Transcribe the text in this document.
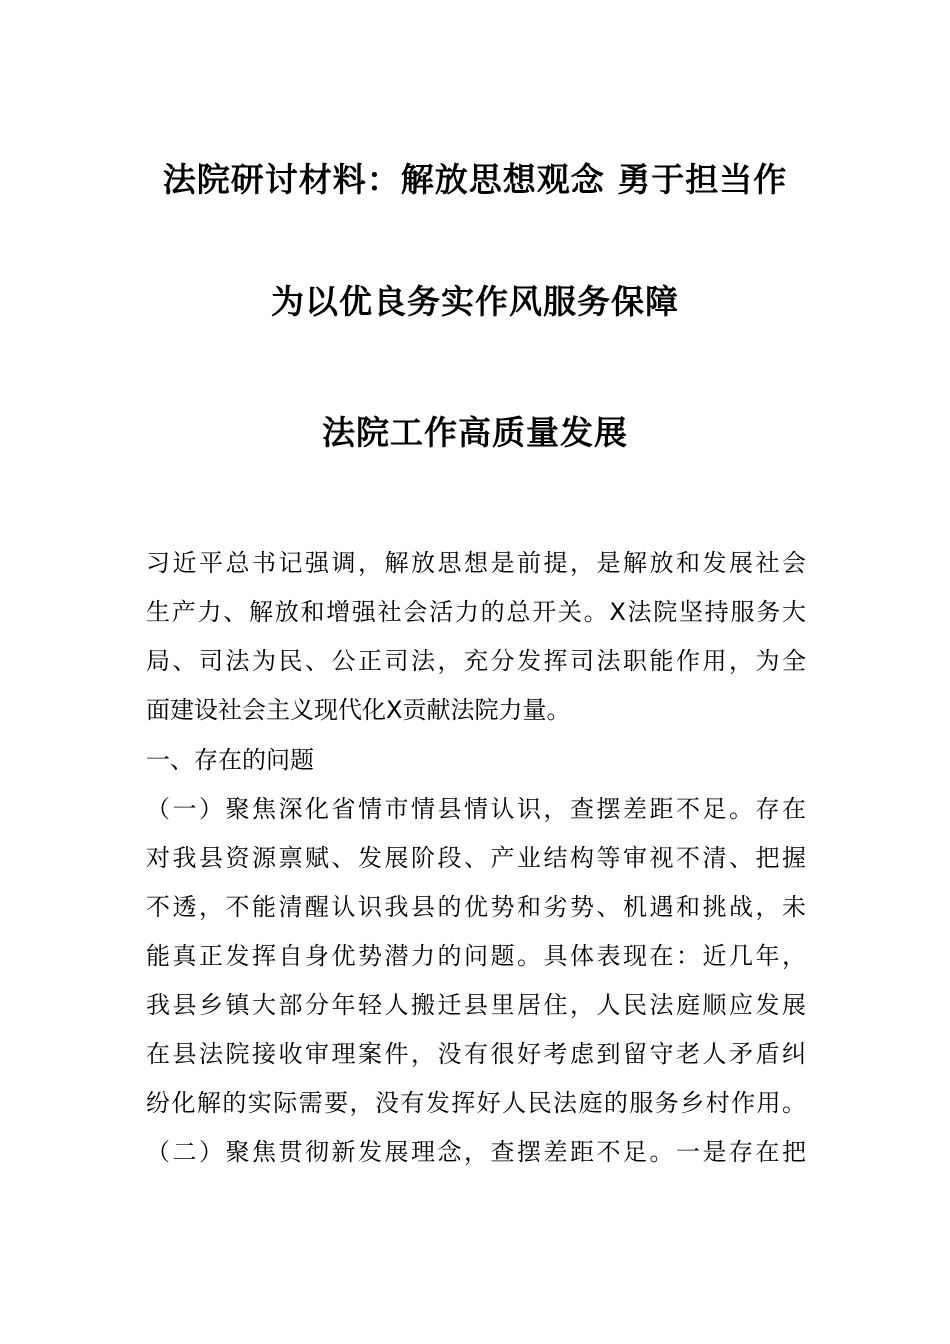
法院研讨材料：解放思想观念 勇于担当作
为以优良务实作风服务保障
法院工作高质量发展
习近平总书记强调，解放思想是前提，是解放和发展社会
生产力、解放和增强社会活力的总开关。X法院坚持服务大
局、司法为民、公正司法，充分发挥司法职能作用，为全
面建设社会主义现代化X贡献法院力量。
一、存在的问题
（一）聚焦深化省情市情县情认识，查摆差距不足。存在
对我县资源禀赋、发展阶段、产业结构等审视不清、把握
不透，不能清醒认识我县的优势和劣势、机遇和挑战，未
能真正发挥自身优势潜力的问题。具体表现在：近几年，
我县乡镇大部分年轻人搬迁县里居住，人民法庭顺应发展
在县法院接收审理案件，没有很好考虑到留守老人矛盾纠
纷化解的实际需要，没有发挥好人民法庭的服务乡村作用。
（二）聚焦贯彻新发展理念，查摆差距不足。一是存在把
